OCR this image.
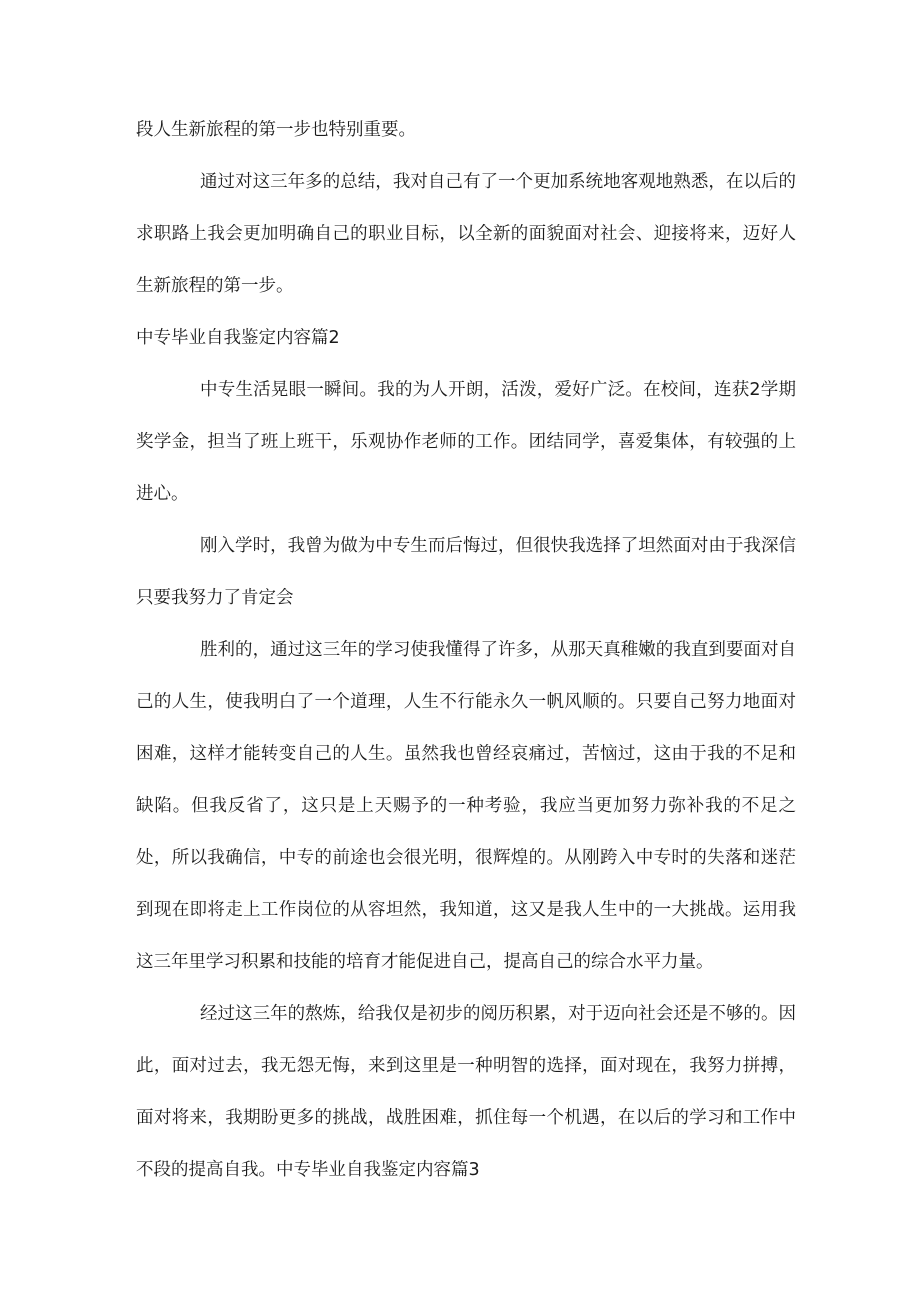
段人生新旅程的第一步也特别重要。

通过对这三年多的总结，我对自己有了一个更加系统地客观地熟悉，在以后的求职路上我会更加明确自己的职业目标，以全新的面貌面对社会、迎接将来，迈好人生新旅程的第一步。

中专毕业自我鉴定内容篇2

中专生活晃眼一瞬间。我的为人开朗，活泼，爱好广泛。在校间，连获2学期奖学金，担当了班上班干，乐观协作老师的工作。团结同学，喜爱集体，有较强的上进心。

刚入学时，我曾为做为中专生而后悔过，但很快我选择了坦然面对由于我深信只要我努力了肯定会

胜利的，通过这三年的学习使我懂得了许多，从那天真稚嫩的我直到要面对自己的人生，使我明白了一个道理，人生不行能永久一帆风顺的。只要自己努力地面对困难，这样才能转变自己的人生。虽然我也曾经哀痛过，苦恼过，这由于我的不足和缺陷。但我反省了，这只是上天赐予的一种考验，我应当更加努力弥补我的不足之处，所以我确信，中专的前途也会很光明，很辉煌的。从刚跨入中专时的失落和迷茫到现在即将走上工作岗位的从容坦然，我知道，这又是我人生中的一大挑战。运用我这三年里学习积累和技能的培育才能促进自己，提高自己的综合水平力量。

经过这三年的熬炼，给我仅是初步的阅历积累，对于迈向社会还是不够的。因此，面对过去，我无怨无悔，来到这里是一种明智的选择，面对现在，我努力拼搏，面对将来，我期盼更多的挑战，战胜困难，抓住每一个机遇，在以后的学习和工作中不段的提高自我。中专毕业自我鉴定内容篇3
